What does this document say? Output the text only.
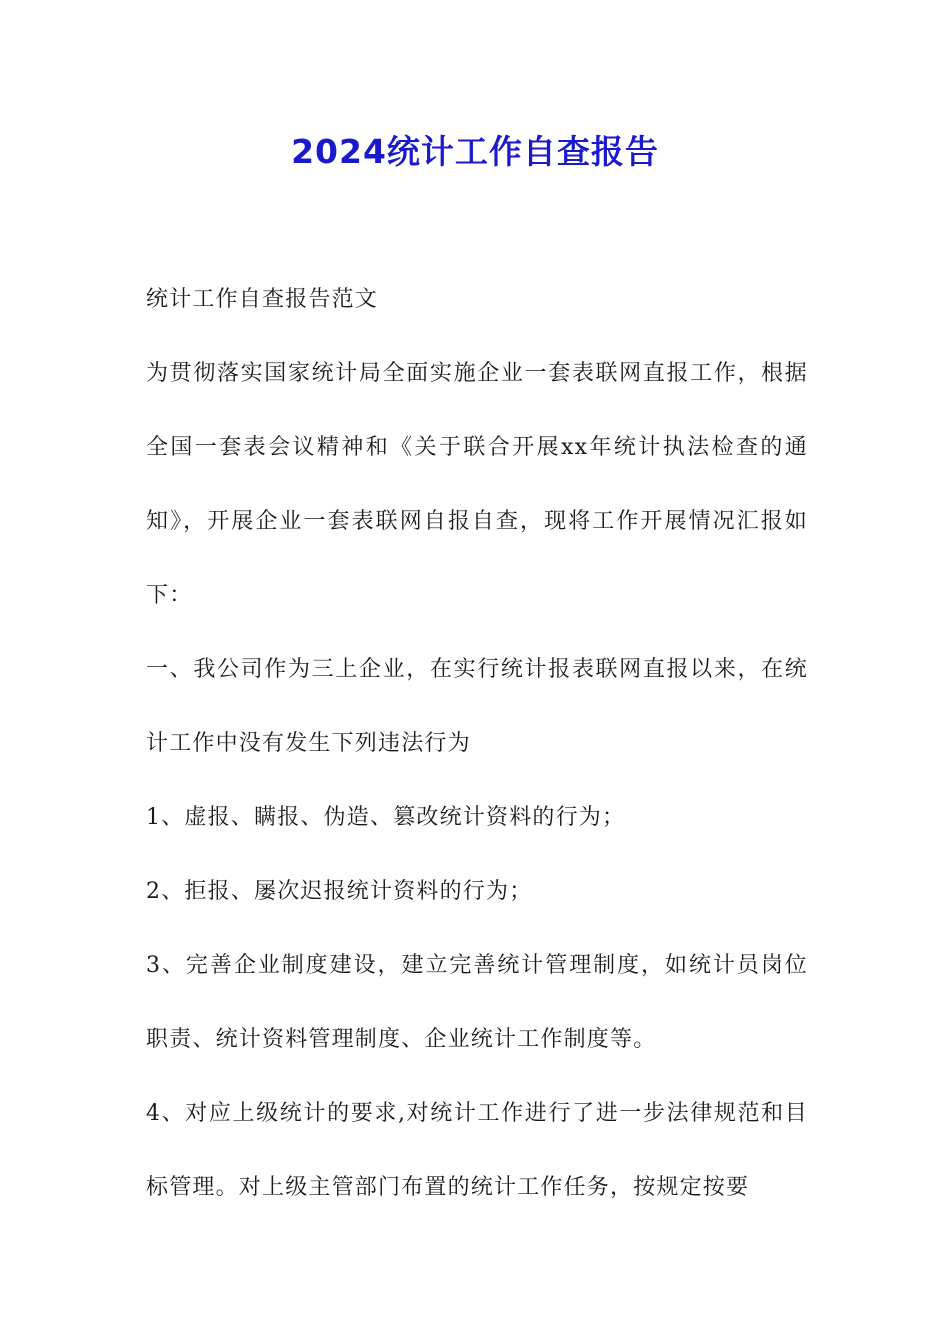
2024统计工作自查报告

统计工作自查报告范文

为贯彻落实国家统计局全面实施企业一套表联网直报工作，根据全国一套表会议精神和《关于联合开展xx年统计执法检查的通知》，开展企业一套表联网自报自查，现将工作开展情况汇报如下：

一、我公司作为三上企业，在实行统计报表联网直报以来，在统计工作中没有发生下列违法行为

1、虚报、瞒报、伪造、篡改统计资料的行为；

2、拒报、屡次迟报统计资料的行为；

3、完善企业制度建设，建立完善统计管理制度，如统计员岗位职责、统计资料管理制度、企业统计工作制度等。

4、对应上级统计的要求,对统计工作进行了进一步法律规范和目标管理。对上级主管部门布置的统计工作任务，按规定按要
